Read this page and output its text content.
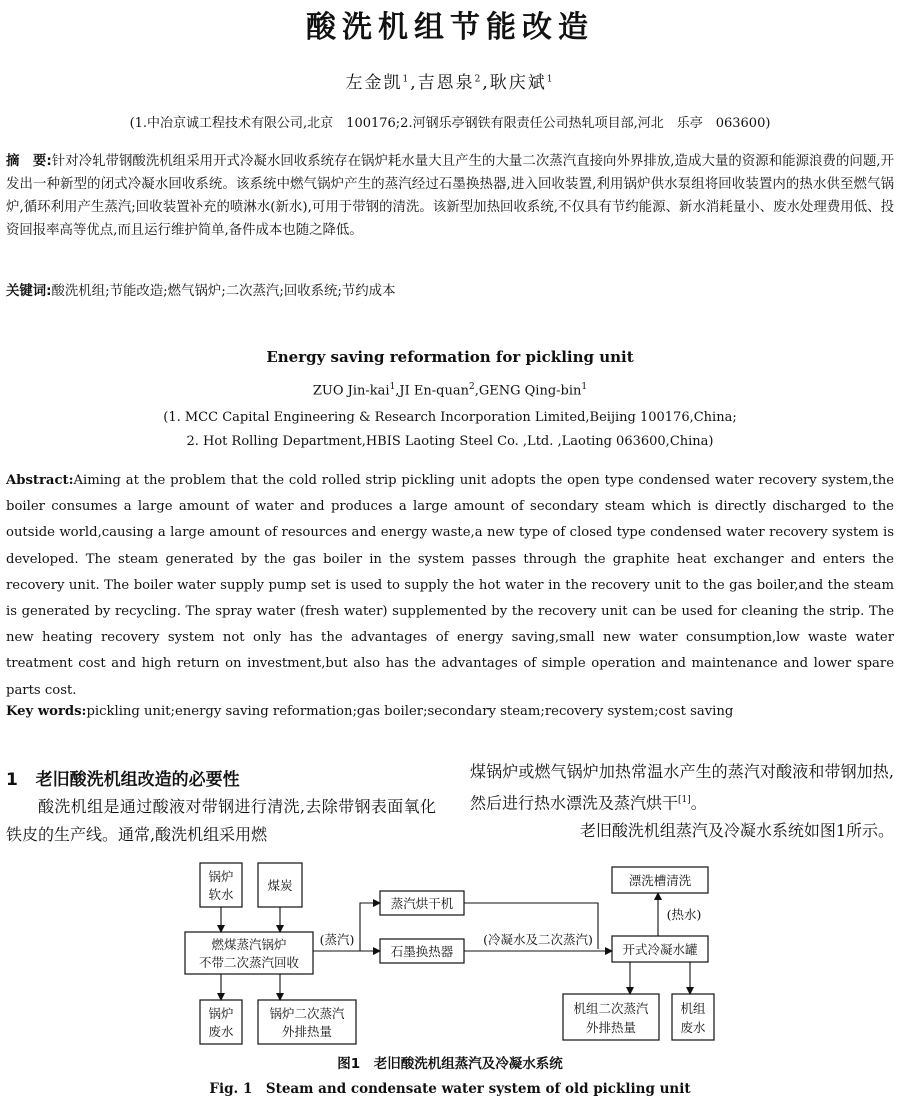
酸洗机组节能改造
左金凯$^1$,吉恩泉$^2$,耿庆斌$^1$
(1.中冶京诚工程技术有限公司,北京　100176;2.河钢乐亭钢铁有限责任公司热轧项目部,河北　乐亭　063600)
摘　要:针对冷轧带钢酸洗机组采用开式冷凝水回收系统存在锅炉耗水量大且产生的大量二次蒸汽直接向外界排放,造成大量的资源和能源浪费的问题,开发出一种新型的闭式冷凝水回收系统。该系统中燃气锅炉产生的蒸汽经过石墨换热器,进入回收装置,利用锅炉供水泵组将回收装置内的热水供至燃气锅炉,循环利用产生蒸汽;回收装置补充的喷淋水(新水),可用于带钢的清洗。该新型加热回收系统,不仅具有节约能源、新水消耗量小、废水处理费用低、投资回报率高等优点,而且运行维护简单,备件成本也随之降低。
关键词:酸洗机组;节能改造;燃气锅炉;二次蒸汽;回收系统;节约成本
Energy saving reformation for pickling unit
ZUO Jin-kai$^1$,JI En-quan$^2$,GENG Qing-bin$^1$
(1. MCC Capital Engineering & Research Incorporation Limited,Beijing 100176,China;
2. Hot Rolling Department,HBIS Laoting Steel Co. ,Ltd. ,Laoting 063600,China)
Abstract:Aiming at the problem that the cold rolled strip pickling unit adopts the open type condensed water recovery system,the boiler consumes a large amount of water and produces a large amount of secondary steam which is directly discharged to the outside world,causing a large amount of resources and energy waste,a new type of closed type condensed water recovery system is developed. The steam generated by the gas boiler in the system passes through the graphite heat exchanger and enters the recovery unit. The boiler water supply pump set is used to supply the hot water in the recovery unit to the gas boiler,and the steam is generated by recycling. The spray water (fresh water) supplemented by the recovery unit can be used for cleaning the strip. The new heating recovery system not only has the advantages of energy saving,small new water consumption,low waste water treatment cost and high return on investment,but also has the advantages of simple operation and maintenance and lower spare parts cost.
Key words:pickling unit;energy saving reformation;gas boiler;secondary steam;recovery system;cost saving
1 老旧酸洗机组改造的必要性
酸洗机组是通过酸液对带钢进行清洗,去除带钢表面氧化铁皮的生产线。通常,酸洗机组采用燃
煤锅炉或燃气锅炉加热常温水产生的蒸汽对酸液和带钢加热,然后进行热水漂洗及蒸汽烘干[1]。
老旧酸洗机组蒸汽及冷凝水系统如图1所示。
锅炉
软水
煤炭
燃煤蒸汽锅炉
不带二次蒸汽回收
锅炉
废水
锅炉二次蒸汽
外排热量
蒸汽烘干机
石墨换热器
漂洗槽清洗
开式冷凝水罐
机组二次蒸汽
外排热量
机组
废水
(蒸汽)	(冷凝水及二次蒸汽)
(热水)
图1　老旧酸洗机组蒸汽及冷凝水系统
Fig. 1　Steam and condensate water system of old pickling unit
